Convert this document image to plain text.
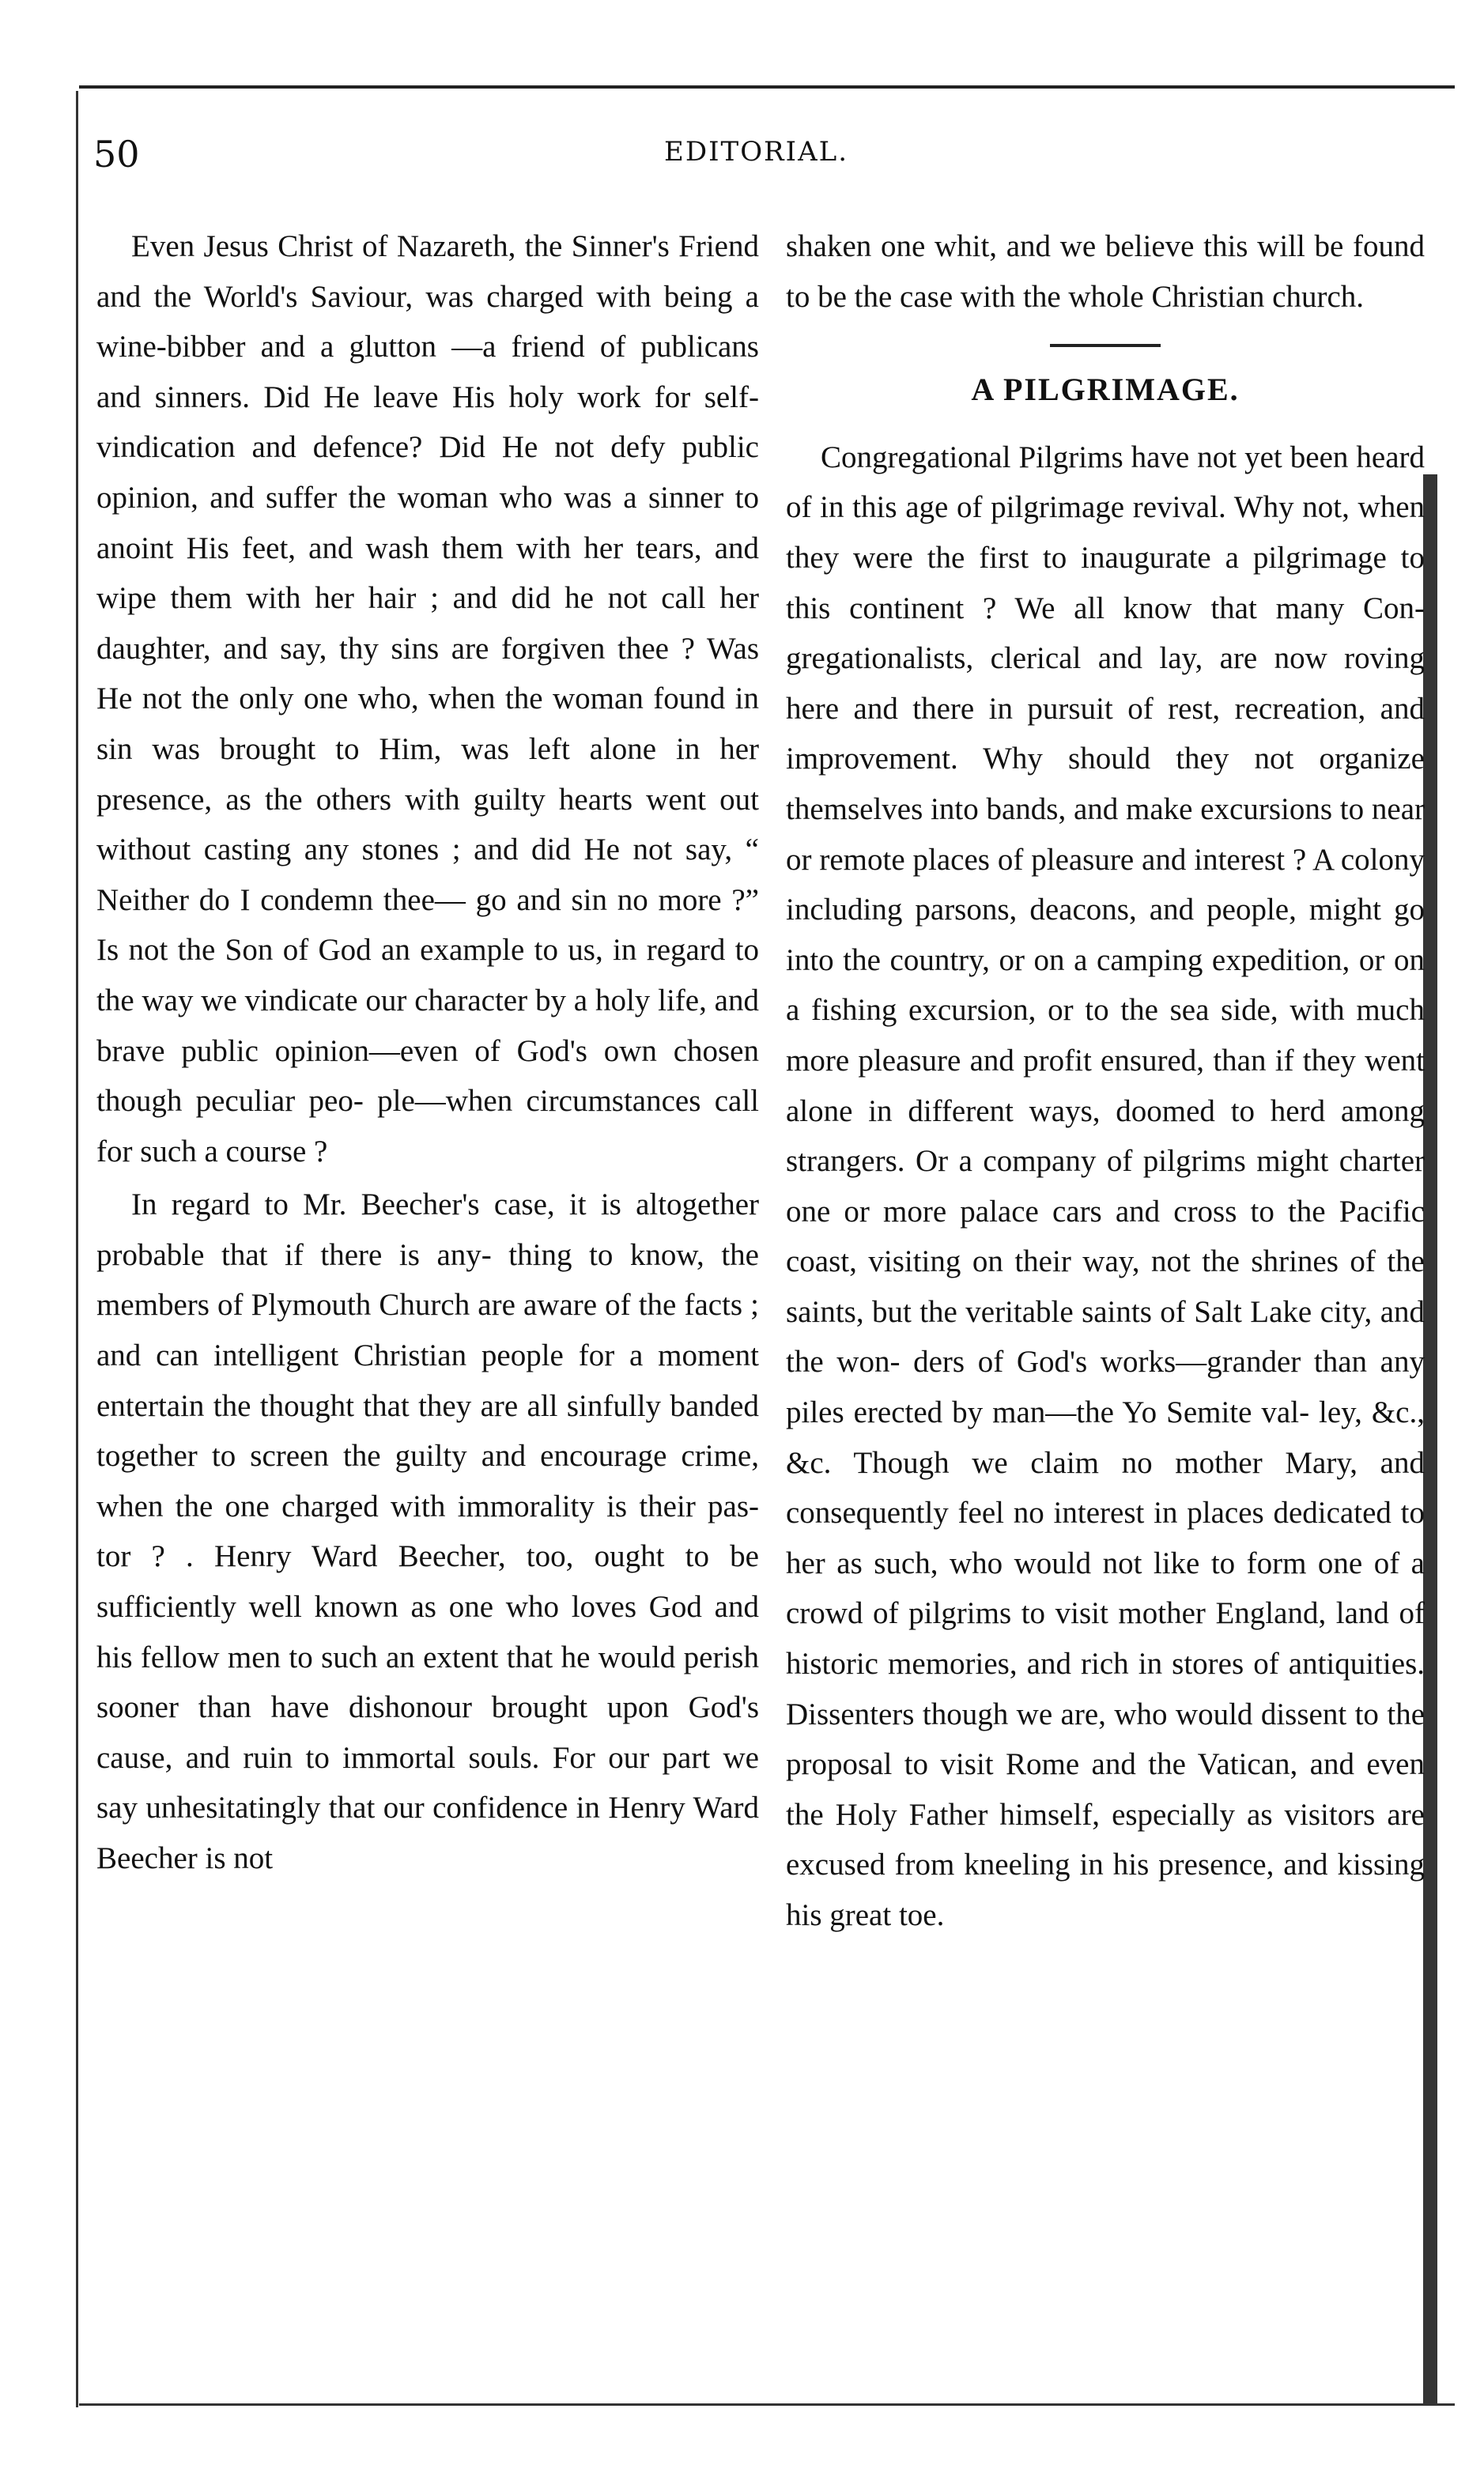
50	EDITORIAL.

Even Jesus Christ of Nazareth, the Sinner's Friend and the World's Saviour, was charged with being a wine-bibber and a glutton —a friend of publicans and sinners. Did He leave His holy work for self-vindication and defence? Did He not defy public opinion, and suffer the woman who was a sinner to anoint His feet, and wash them with her tears, and wipe them with her hair ; and did he not call her daughter, and say, thy sins are forgiven thee ? Was He not the only one who, when the woman found in sin was brought to Him, was left alone in her presence, as the others with guilty hearts went out without casting any stones ; and did He not say, “ Neither do I condemn thee— go and sin no more ?” Is not the Son of God an example to us, in regard to the way we vindicate our character by a holy life, and brave public opinion—even of God's own chosen though peculiar peo- ple—when circumstances call for such a course ?

In regard to Mr. Beecher's case, it is altogether probable that if there is any- thing to know, the members of Plymouth Church are aware of the facts ; and can intelligent Christian people for a moment entertain the thought that they are all sinfully banded together to screen the guilty and encourage crime, when the one charged with immorality is their pas- tor ? . Henry Ward Beecher, too, ought to be sufficiently well known as one who loves God and his fellow men to such an extent that he would perish sooner than have dishonour brought upon God's cause, and ruin to immortal souls. For our part we say unhesitatingly that our confidence in Henry Ward Beecher is not

shaken one whit, and we believe this will be found to be the case with the whole Christian church.

A PILGRIMAGE.

Congregational Pilgrims have not yet been heard of in this age of pilgrimage revival. Why not, when they were the first to inaugurate a pilgrimage to this continent ? We all know that many Con- gregationalists, clerical and lay, are now roving here and there in pursuit of rest, recreation, and improvement. Why should they not organize themselves into bands, and make excursions to near or remote places of pleasure and interest ? A colony including parsons, deacons, and people, might go into the country, or on a camping expedition, or on a fishing excursion, or to the sea side, with much more pleasure and profit ensured, than if they went alone in different ways, doomed to herd among strangers. Or a company of pilgrims might charter one or more palace cars and cross to the Pacific coast, visiting on their way, not the shrines of the saints, but the veritable saints of Salt Lake city, and the won- ders of God's works—grander than any piles erected by man—the Yo Semite val- ley, &c., &c. Though we claim no mother Mary, and consequently feel no interest in places dedicated to her as such, who would not like to form one of a crowd of pilgrims to visit mother England, land of historic memories, and rich in stores of antiquities. Dissenters though we are, who would dissent to the proposal to visit Rome and the Vatican, and even the Holy Father himself, especially as visitors are excused from kneeling in his presence, and kissing his great toe.
